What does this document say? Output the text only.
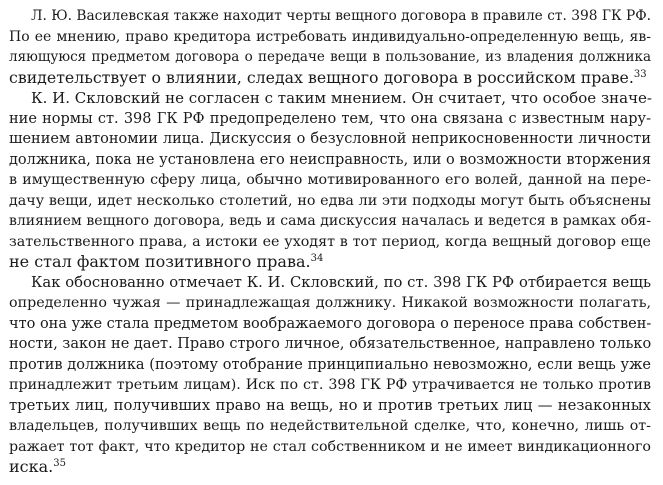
Л. Ю. Василевская также находит черты вещного договора в правиле ст. 398 ГК РФ.
По ее мнению, право кредитора истребовать индивидуально-определенную вещь, яв-
ляющуюся предметом договора о передаче вещи в пользование, из владения должника
свидетельствует о влиянии, следах вещного договора в российском праве.$^{33}$

К. И. Скловский не согласен с таким мнением. Он считает, что особое значе-
ние нормы ст. 398 ГК РФ предопределено тем, что она связана с известным нару-
шением автономии лица. Дискуссия о безусловной неприкосновенности личности
должника, пока не установлена его неисправность, или о возможности вторжения
в имущественную сферу лица, обычно мотивированного его волей, данной на пере-
дачу вещи, идет несколько столетий, но едва ли эти подходы могут быть объяснены
влиянием вещного договора, ведь и сама дискуссия началась и ведется в рамках обя-
зательственного права, а истоки ее уходят в тот период, когда вещный договор еще
не стал фактом позитивного права.$^{34}$

Как обоснованно отмечает К. И. Скловский, по ст. 398 ГК РФ отбирается вещь
определенно чужая — принадлежащая должнику. Никакой возможности полагать,
что она уже стала предметом воображаемого договора о переносе права собствен-
ности, закон не дает. Право строго личное, обязательственное, направлено только
против должника (поэтому отобрание принципиально невозможно, если вещь уже
принадлежит третьим лицам). Иск по ст. 398 ГК РФ утрачивается не только против
третьих лиц, получивших право на вещь, но и против третьих лиц — незаконных
владельцев, получивших вещь по недействительной сделке, что, конечно, лишь от-
ражает тот факт, что кредитор не стал собственником и не имеет виндикационного
иска.$^{35}$
